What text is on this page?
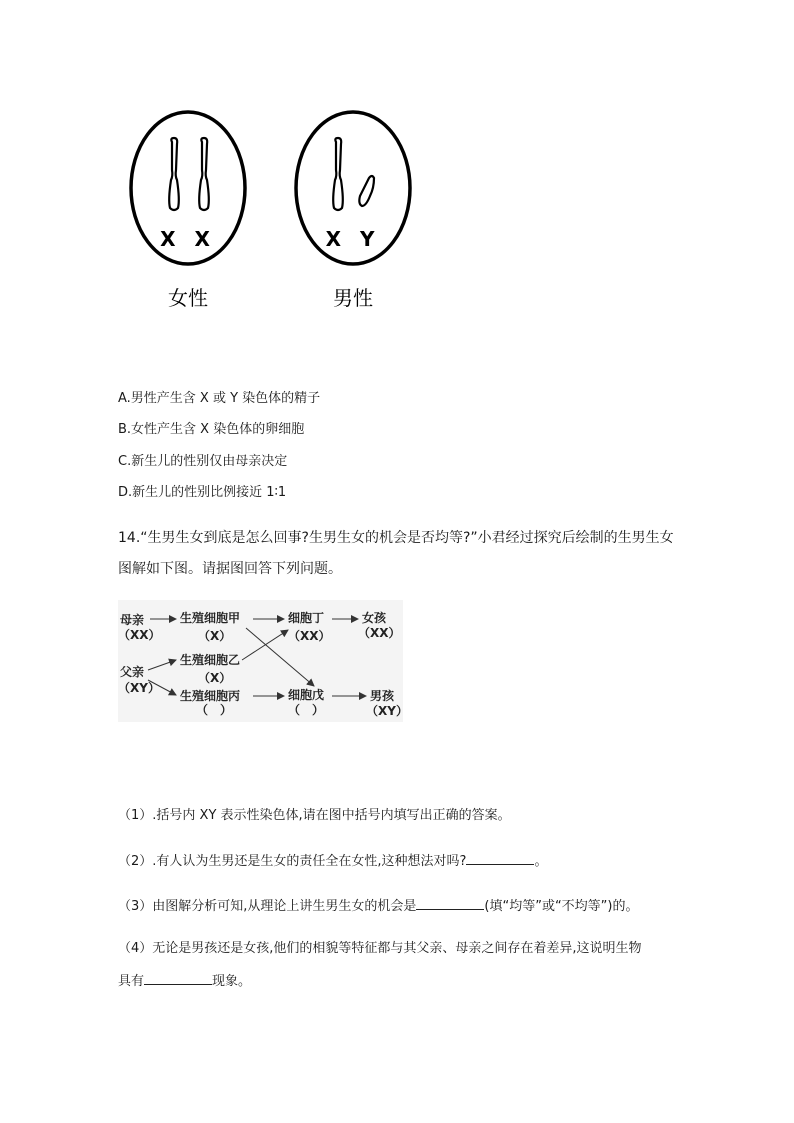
X X	X Y
女性	男性
A.男性产生含 X 或 Y 染色体的精子
B.女性产生含 X 染色体的卵细胞
C.新生儿的性别仅由母亲决定
D.新生儿的性别比例接近 1∶1
14.“生男生女到底是怎么回事?生男生女的机会是否均等?”小君经过探究后绘制的生男生女
图解如下图。请据图回答下列问题。
母亲
（XX）
父亲
（XY）
生殖细胞甲
（X）
生殖细胞乙
（X）
生殖细胞丙
（　）
细胞丁
（XX）
细胞戊
（　）
女孩
（XX）
男孩
（XY）
（1）.括号内 XY 表示性染色体,请在图中括号内填写出正确的答案。
（2）.有人认为生男还是生女的责任全在女性,这种想法对吗?	。
（3）由图解分析可知,从理论上讲生男生女的机会是	(填“均等”或“不均等”)的。
（4）无论是男孩还是女孩,他们的相貌等特征都与其父亲、母亲之间存在着差异,这说明生物
具有	现象。
